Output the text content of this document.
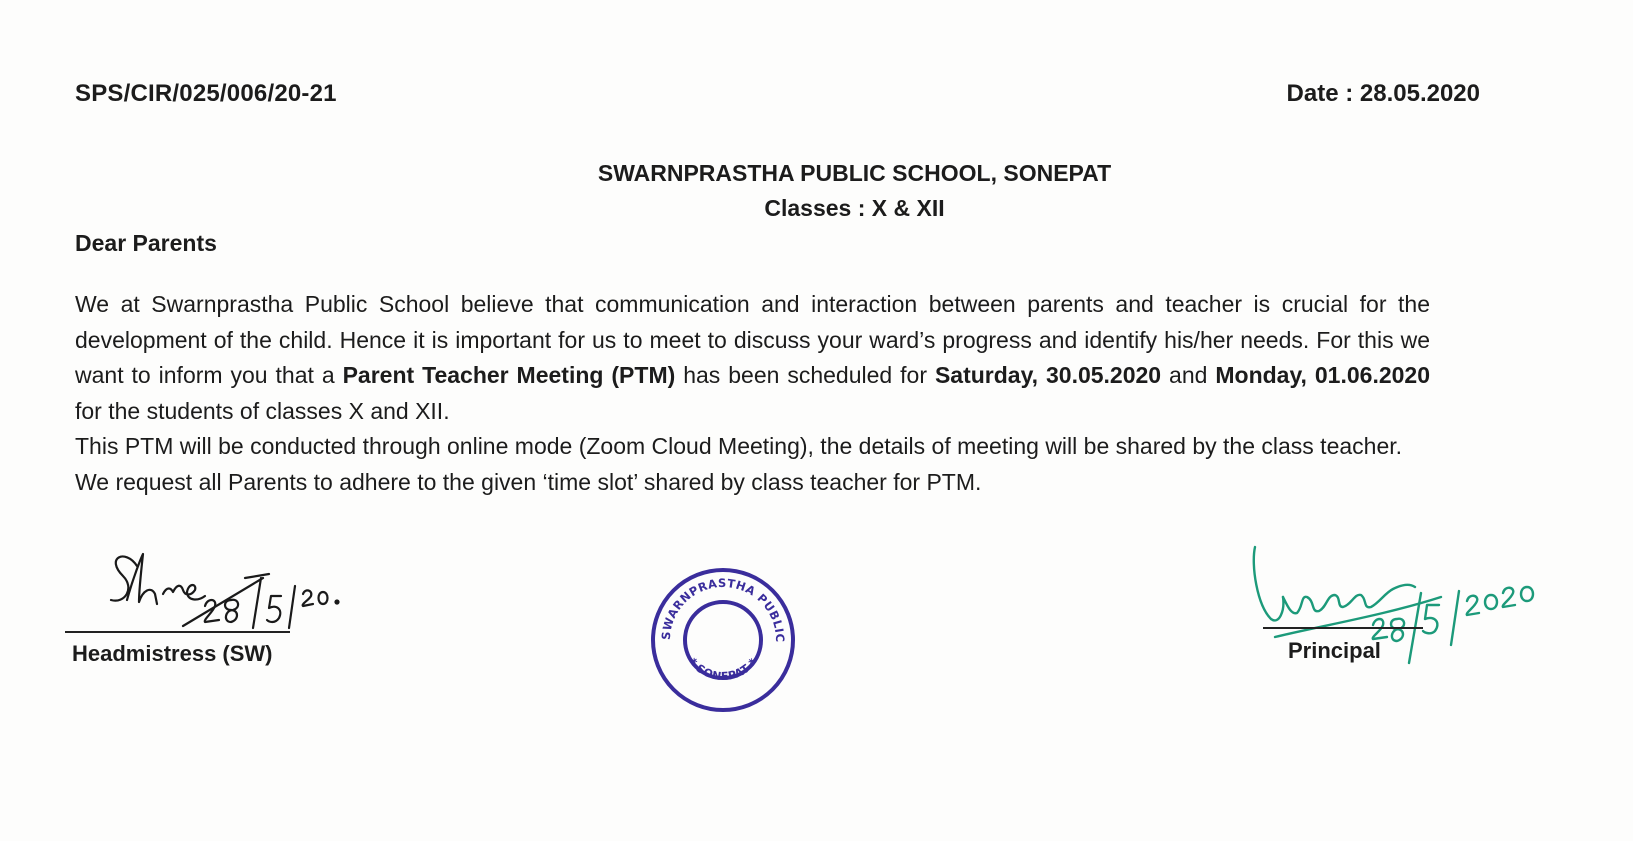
SPS/CIR/025/006/20-21	Date : 28.05.2020
SWARNPRASTHA PUBLIC SCHOOL, SONEPAT
Classes : X & XII
Dear Parents

We at Swarnprastha Public School believe that communication and interaction between parents and teacher is crucial for the development of the child. Hence it is important for us to meet to discuss your ward’s progress and identify his/her needs. For this we want to inform you that a Parent Teacher Meeting (PTM) has been scheduled for Saturday, 30.05.2020 and Monday, 01.06.2020 for the students of classes X and XII.

This PTM will be conducted through online mode (Zoom Cloud Meeting), the details of meeting will be shared by the class teacher.

We request all Parents to adhere to the given ‘time slot’ shared by class teacher for PTM.

Headmistress (SW)
SWARNPRASTHA PUBLIC
* SONEPAT *	Principal
